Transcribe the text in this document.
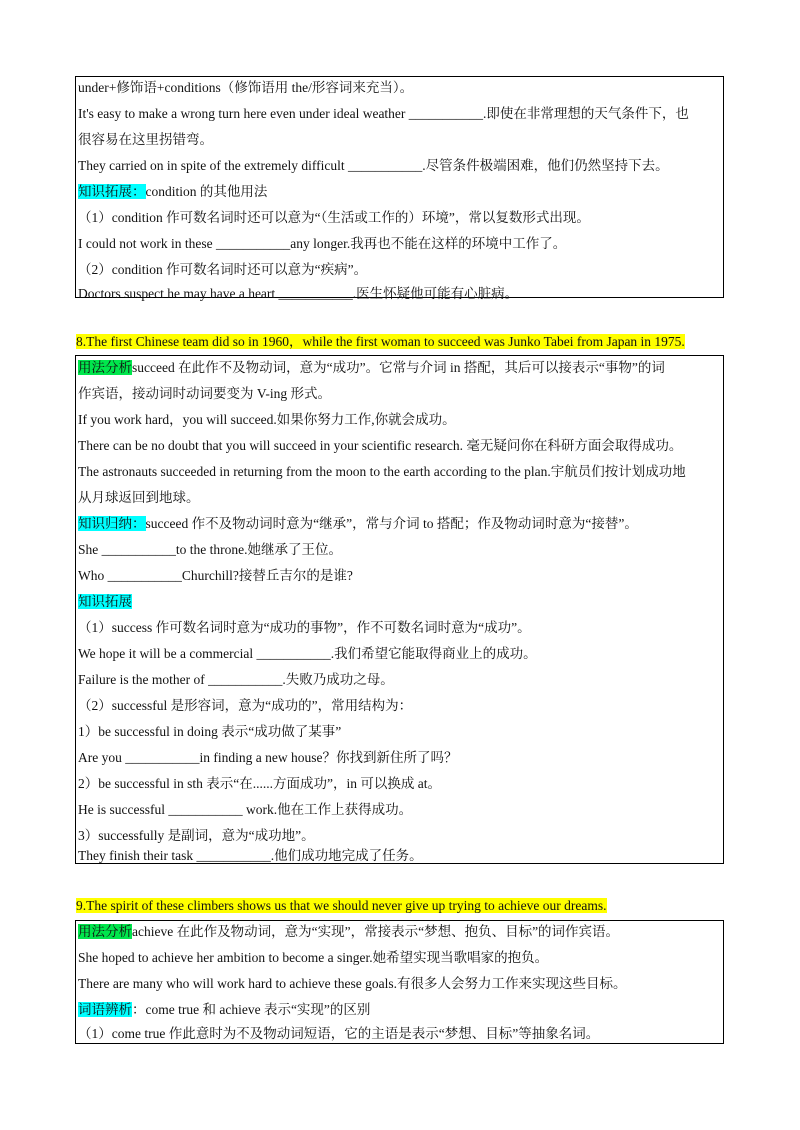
under+修饰语+conditions（修饰语用 the/形容词来充当）。
It's easy to make a wrong turn here even under ideal weather ___________.即使在非常理想的天气条件下，也
很容易在这里拐错弯。
They carried on in spite of the extremely difficult ___________.尽管条件极端困难，他们仍然坚持下去。
知识拓展：condition 的其他用法
（1）condition 作可数名词时还可以意为“（生活或工作的）环境”，常以复数形式出现。
I could not work in these ___________any longer.我再也不能在这样的环境中工作了。
（2）condition 作可数名词时还可以意为“疾病”。
Doctors suspect he may have a heart ___________.医生怀疑他可能有心脏病。
8.The first Chinese team did so in 1960，while the first woman to succeed was Junko Tabei from Japan in 1975.
用法分析succeed 在此作不及物动词，意为“成功”。它常与介词 in 搭配，其后可以接表示“事物”的词
作宾语，接动词时动词要变为 V-ing 形式。
If you work hard，you will succeed.如果你努力工作,你就会成功。
There can be no doubt that you will succeed in your scientific research. 毫无疑问你在科研方面会取得成功。
The astronauts succeeded in returning from the moon to the earth according to the plan.宇航员们按计划成功地
从月球返回到地球。
知识归纳：succeed 作不及物动词时意为“继承”，常与介词 to 搭配；作及物动词时意为“接替”。
She ___________to the throne.她继承了王位。
Who ___________Churchill?接替丘吉尔的是谁?
知识拓展
（1）success 作可数名词时意为“成功的事物”，作不可数名词时意为“成功”。
We hope it will be a commercial ___________.我们希望它能取得商业上的成功。
Failure is the mother of ___________.失败乃成功之母。
（2）successful 是形容词，意为“成功的”，常用结构为：
1）be successful in doing 表示“成功做了某事”
Are you ___________in finding a new house？你找到新住所了吗？
2）be successful in sth 表示“在......方面成功”，in 可以换成 at。
He is successful ___________ work.他在工作上获得成功。
3）successfully 是副词，意为“成功地”。
They finish their task ___________.他们成功地完成了任务。
9.The spirit of these climbers shows us that we should never give up trying to achieve our dreams.
用法分析achieve 在此作及物动词，意为“实现”，常接表示“梦想、抱负、目标”的词作宾语。
She hoped to achieve her ambition to become a singer.她希望实现当歌唱家的抱负。
There are many who will work hard to achieve these goals.有很多人会努力工作来实现这些目标。
词语辨析：come true 和 achieve 表示“实现”的区别
（1）come true 作此意时为不及物动词短语，它的主语是表示“梦想、目标”等抽象名词。
